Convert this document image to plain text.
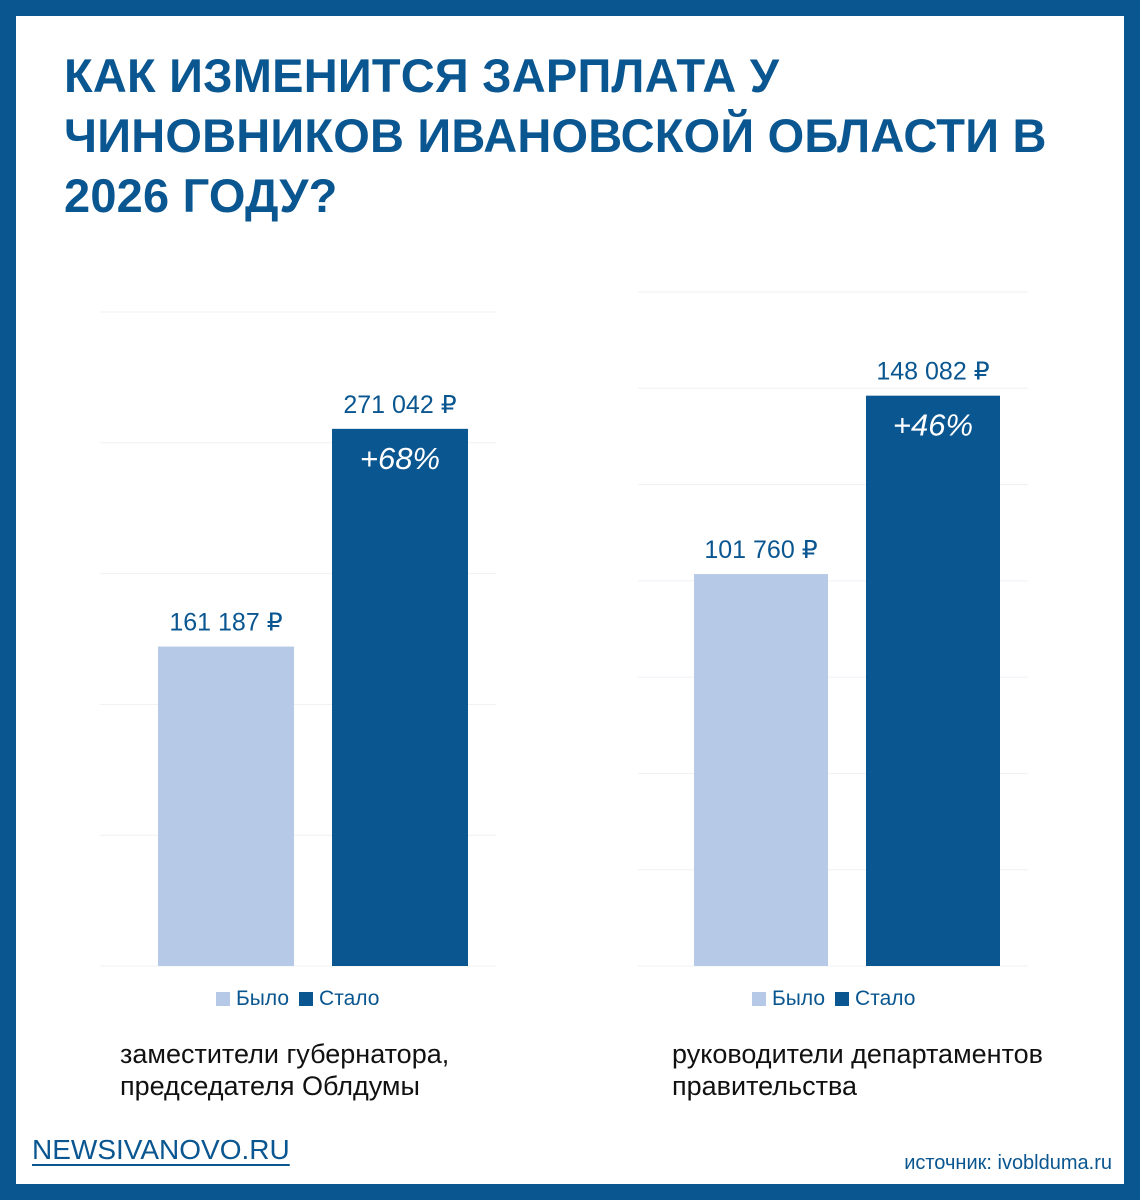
КАК ИЗМЕНИТСЯ ЗАРПЛАТА У ЧИНОВНИКОВ ИВАНОВСКОЙ ОБЛАСТИ В 2026 ГОДУ?
161 187 ₽
271 042 ₽
+68%
Было Стало
заместители губернатора, председателя Облдумы
101 760 ₽
148 082 ₽
+46%
Было Стало
руководители департаментов правительства
NEWSIVANOVO.RU	источник: ivoblduma.ru
